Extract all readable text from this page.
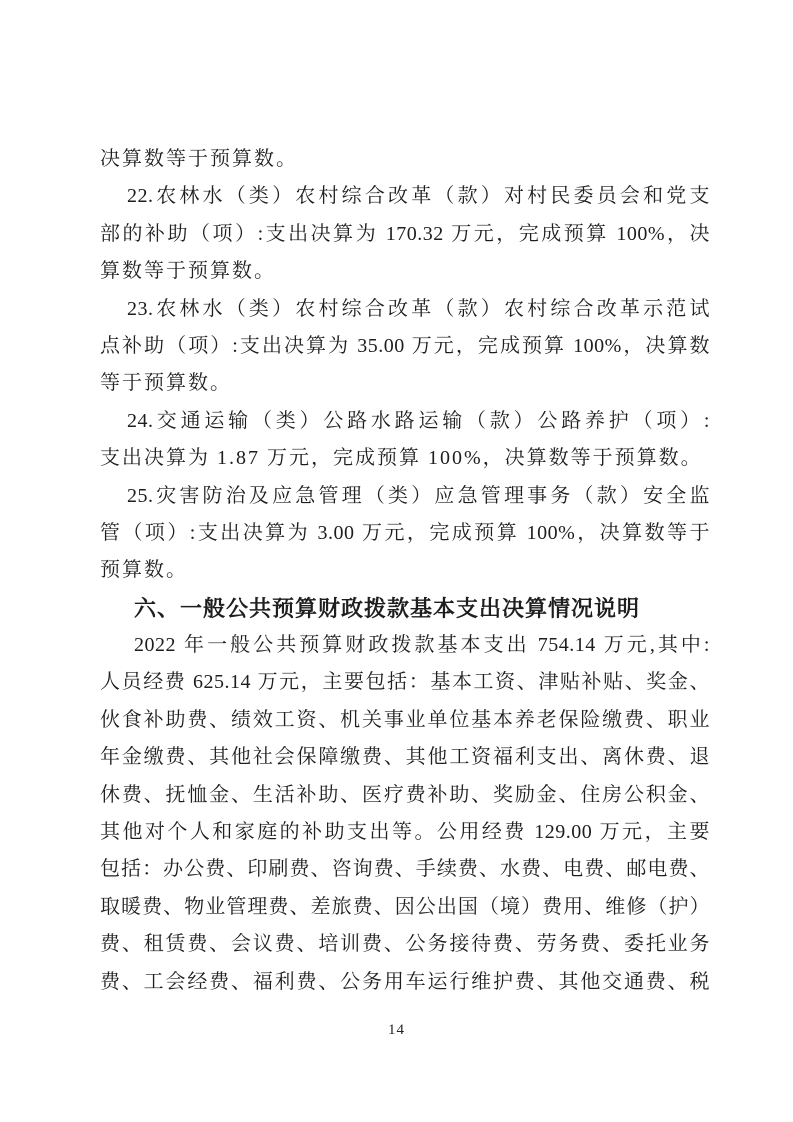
决算数等于预算数。
22.农林水（类）农村综合改革（款）对村民委员会和党支
部的补助（项）:支出决算为 170.32 万元，完成预算 100%，决
算数等于预算数。
23.农林水（类）农村综合改革（款）农村综合改革示范试
点补助（项）:支出决算为 35.00 万元，完成预算 100%，决算数
等于预算数。
24.交通运输（类）公路水路运输（款）公路养护（项）:
支出决算为 1.87 万元，完成预算 100%，决算数等于预算数。
25.灾害防治及应急管理（类）应急管理事务（款）安全监
管（项）:支出决算为 3.00 万元，完成预算 100%，决算数等于
预算数。
六、一般公共预算财政拨款基本支出决算情况说明
2022 年一般公共预算财政拨款基本支出 754.14 万元,其中:
人员经费 625.14 万元，主要包括：基本工资、津贴补贴、奖金、
伙食补助费、绩效工资、机关事业单位基本养老保险缴费、职业
年金缴费、其他社会保障缴费、其他工资福利支出、离休费、退
休费、抚恤金、生活补助、医疗费补助、奖励金、住房公积金、
其他对个人和家庭的补助支出等。公用经费 129.00 万元，主要
包括：办公费、印刷费、咨询费、手续费、水费、电费、邮电费、
取暖费、物业管理费、差旅费、因公出国（境）费用、维修（护）
费、租赁费、会议费、培训费、公务接待费、劳务费、委托业务
费、工会经费、福利费、公务用车运行维护费、其他交通费、税
14
